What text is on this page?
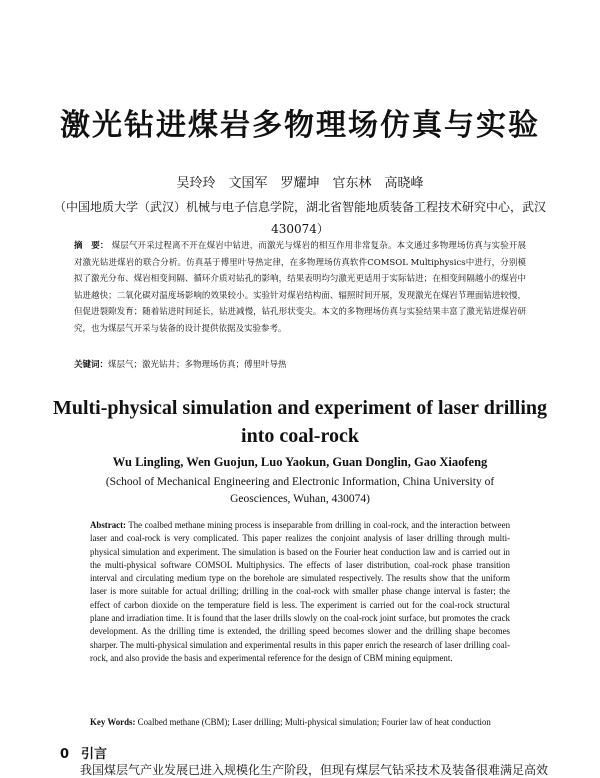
激光钻进煤岩多物理场仿真与实验
吴玲玲　文国军　罗耀坤　官东林　高晓峰
（中国地质大学（武汉）机械与电子信息学院，湖北省智能地质装备工程技术研究中心，武汉　430074）
摘　要： 煤层气开采过程离不开在煤岩中钻进，而激光与煤岩的相互作用非常复杂。本文通过多物理场仿真与实验开展对激光钻进煤岩的联合分析。仿真基于傅里叶导热定律，在多物理场仿真软件COMSOL Multiphysics中进行，分别模拟了激光分布、煤岩相变间隔、循环介质对钻孔的影响，结果表明均匀激光更适用于实际钻进；在相变间隔越小的煤岩中钻进越快；二氧化碳对温度场影响的效果较小。实验针对煤岩结构面、辐照时间开展，发现激光在煤岩节理面钻进较慢，但促进裂隙发育；随着钻进时间延长，钻进减慢，钻孔形状变尖。本文的多物理场仿真与实验结果丰富了激光钻进煤岩研究，也为煤层气开采与装备的设计提供依据及实验参考。
关键词：煤层气；激光钻井；多物理场仿真；傅里叶导热
Multi-physical simulation and experiment of laser drilling into coal-rock
Wu Lingling, Wen Guojun, Luo Yaokun, Guan Donglin, Gao Xiaofeng
(School of Mechanical Engineering and Electronic Information, China University of Geosciences, Wuhan, 430074)
Abstract: The coalbed methane mining process is inseparable from drilling in coal-rock, and the interaction between laser and coal-rock is very complicated. This paper realizes the conjoint analysis of laser drilling through multi-physical simulation and experiment. The simulation is based on the Fourier heat conduction law and is carried out in the multi-physical software COMSOL Multiphysics. The effects of laser distribution, coal-rock phase transition interval and circulating medium type on the borehole are simulated respectively. The results show that the uniform laser is more suitable for actual drilling; drilling in the coal-rock with smaller phase change interval is faster; the effect of carbon dioxide on the temperature field is less. The experiment is carried out for the coal-rock structural plane and irradiation time. It is found that the laser drills slowly on the coal-rock joint surface, but promotes the crack development. As the drilling time is extended, the drilling speed becomes slower and the drilling shape becomes sharper. The multi-physical simulation and experimental results in this paper enrich the research of laser drilling coal-rock, and also provide the basis and experimental reference for the design of CBM mining equipment.
Key Words: Coalbed methane (CBM); Laser drilling; Multi-physical simulation; Fourier law of heat conduction
0 引言
我国煤层气产业发展已进入规模化生产阶段，但现有煤层气钻采技术及装备很难满足高效
